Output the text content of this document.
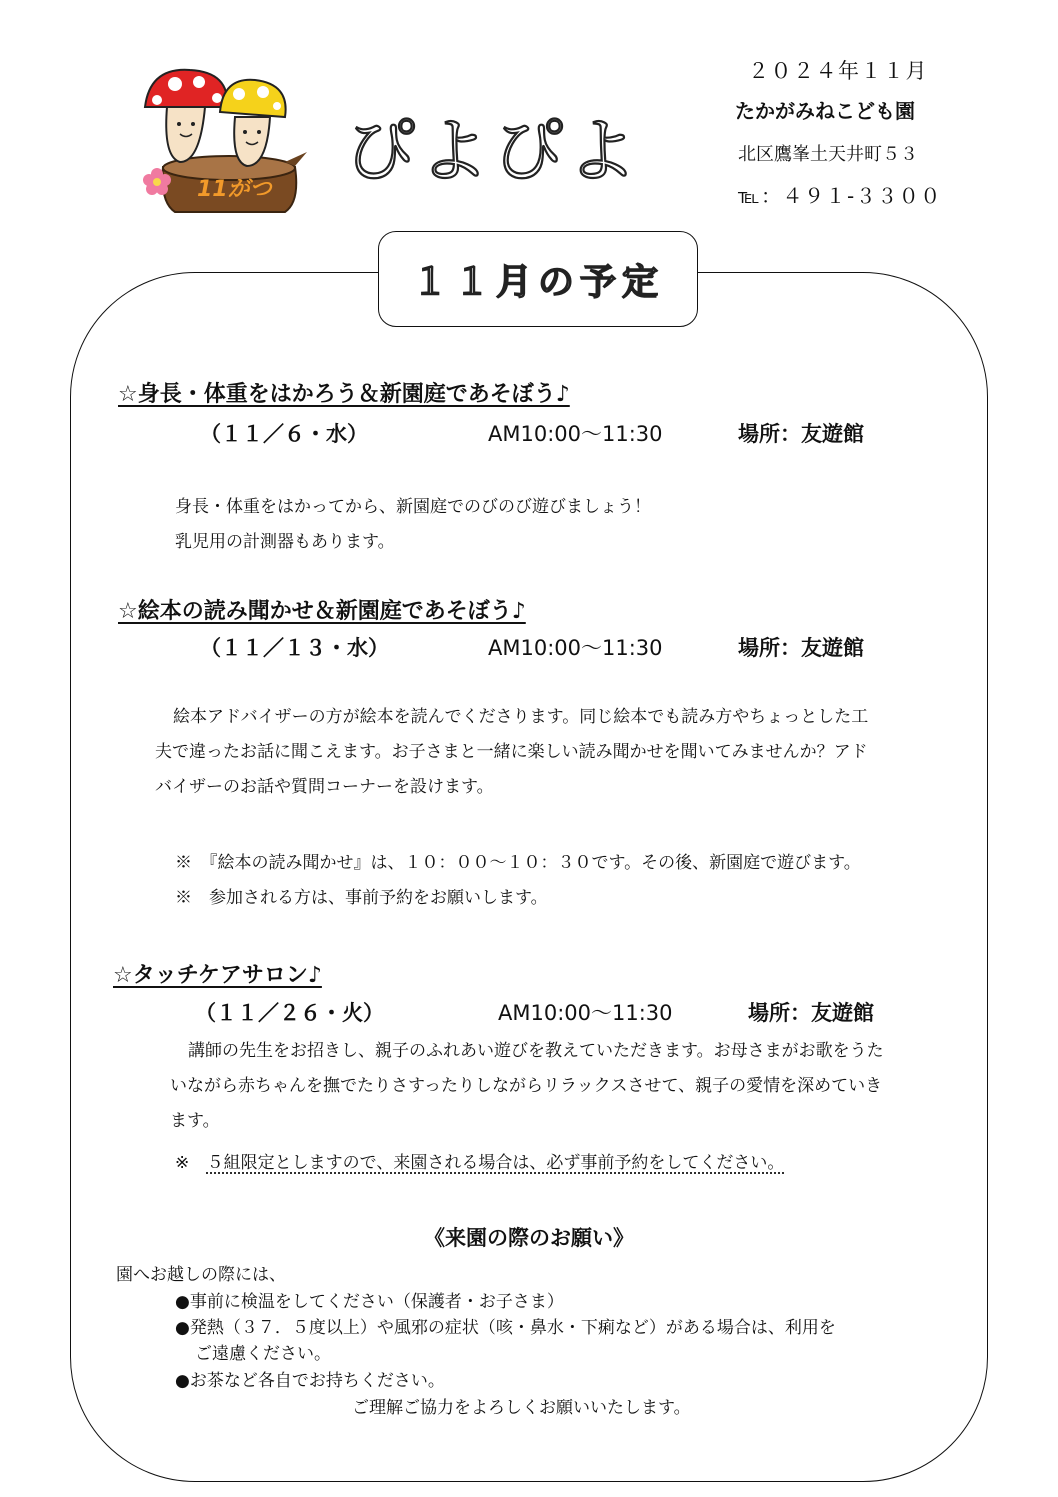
11がつ ぴよぴよ
２０２４年１１月
たかがみねこども園
北区鷹峯土天井町５３
℡：４９１-３３００
１１月の予定
☆身長・体重をはかろう＆新園庭であそぼう♪
（１１／６・水）	AM10:00～11:30	場所：友遊館
身長・体重をはかってから、新園庭でのびのび遊びましょう！
乳児用の計測器もあります。
☆絵本の読み聞かせ＆新園庭であそぼう♪
（１１／１３・水）	AM10:00～11:30	場所：友遊館
絵本アドバイザーの方が絵本を読んでくださります。同じ絵本でも読み方やちょっとした工
夫で違ったお話に聞こえます。お子さまと一緒に楽しい読み聞かせを聞いてみませんか？アド
バイザーのお話や質問コーナーを設けます。
※　『絵本の読み聞かせ』は、１０：００～１０：３０です。その後、新園庭で遊びます。
※　参加される方は、事前予約をお願いします。
☆タッチケアサロン♪
（１１／２６・火）	AM10:00～11:30	場所：友遊館
講師の先生をお招きし、親子のふれあい遊びを教えていただきます。お母さまがお歌をうた
いながら赤ちゃんを撫でたりさすったりしながらリラックスさせて、親子の愛情を深めていき
ます。
※ ５組限定としますので、来園される場合は、必ず事前予約をしてください。
《来園の際のお願い》
園へお越しの際には、
●事前に検温をしてください（保護者・お子さま）
●発熱（３７．５度以上）や風邪の症状（咳・鼻水・下痢など）がある場合は、利用を
ご遠慮ください。
●お茶など各自でお持ちください。
ご理解ご協力をよろしくお願いいたします。
